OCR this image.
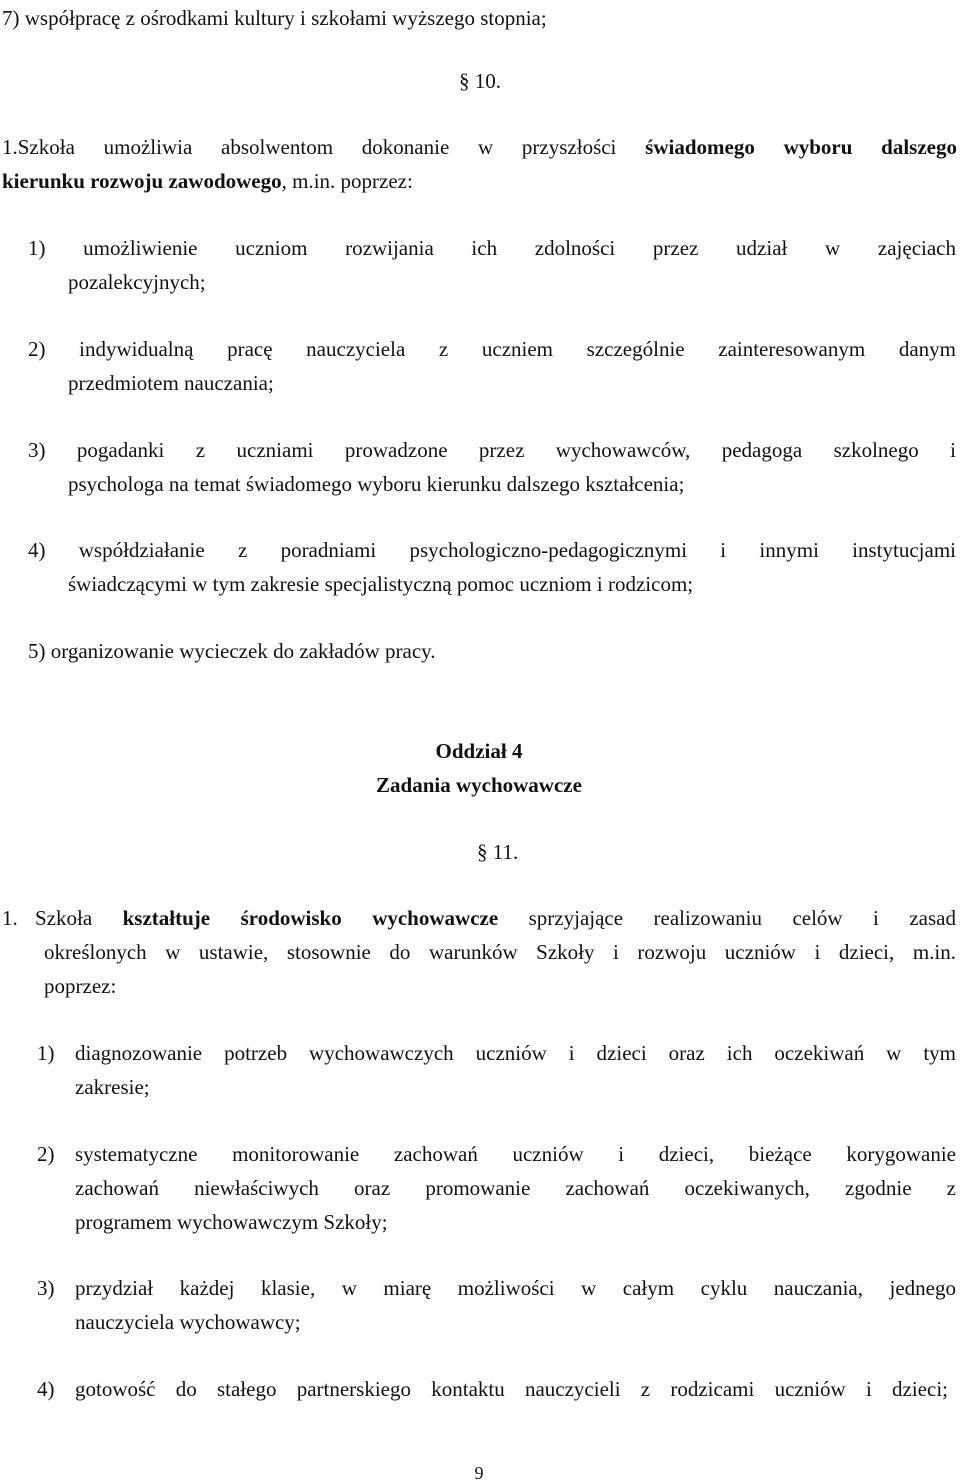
7) współpracę z ośrodkami kultury i szkołami wyższego stopnia;
§ 10.
1.Szkoła umożliwia absolwentom dokonanie w przyszłości świadomego wyboru dalszego
kierunku rozwoju zawodowego, m.in. poprzez:
1) umożliwienie uczniom rozwijania ich zdolności przez udział w zajęciach
pozalekcyjnych;
2) indywidualną pracę nauczyciela z uczniem szczególnie zainteresowanym danym
przedmiotem nauczania;
3) pogadanki z uczniami prowadzone przez wychowawców, pedagoga szkolnego i
psychologa na temat świadomego wyboru kierunku dalszego kształcenia;
4) współdziałanie z poradniami psychologiczno-pedagogicznymi i innymi instytucjami
świadczącymi w tym zakresie specjalistyczną pomoc uczniom i rodzicom;
5) organizowanie wycieczek do zakładów pracy.
Oddział 4
Zadania wychowawcze
§ 11.
1. Szkoła kształtuje środowisko wychowawcze sprzyjające realizowaniu celów i zasad
określonych w ustawie, stosownie do warunków Szkoły i rozwoju uczniów i dzieci, m.in.
poprzez:
1) diagnozowanie potrzeb wychowawczych uczniów i dzieci oraz ich oczekiwań w tym
zakresie;
2) systematyczne monitorowanie zachowań uczniów i dzieci, bieżące korygowanie
zachowań niewłaściwych oraz promowanie zachowań oczekiwanych, zgodnie z
programem wychowawczym Szkoły;
3) przydział każdej klasie, w miarę możliwości w całym cyklu nauczania, jednego
nauczyciela wychowawcy;
4) gotowość do stałego partnerskiego kontaktu nauczycieli z rodzicami uczniów i dzieci;
9
